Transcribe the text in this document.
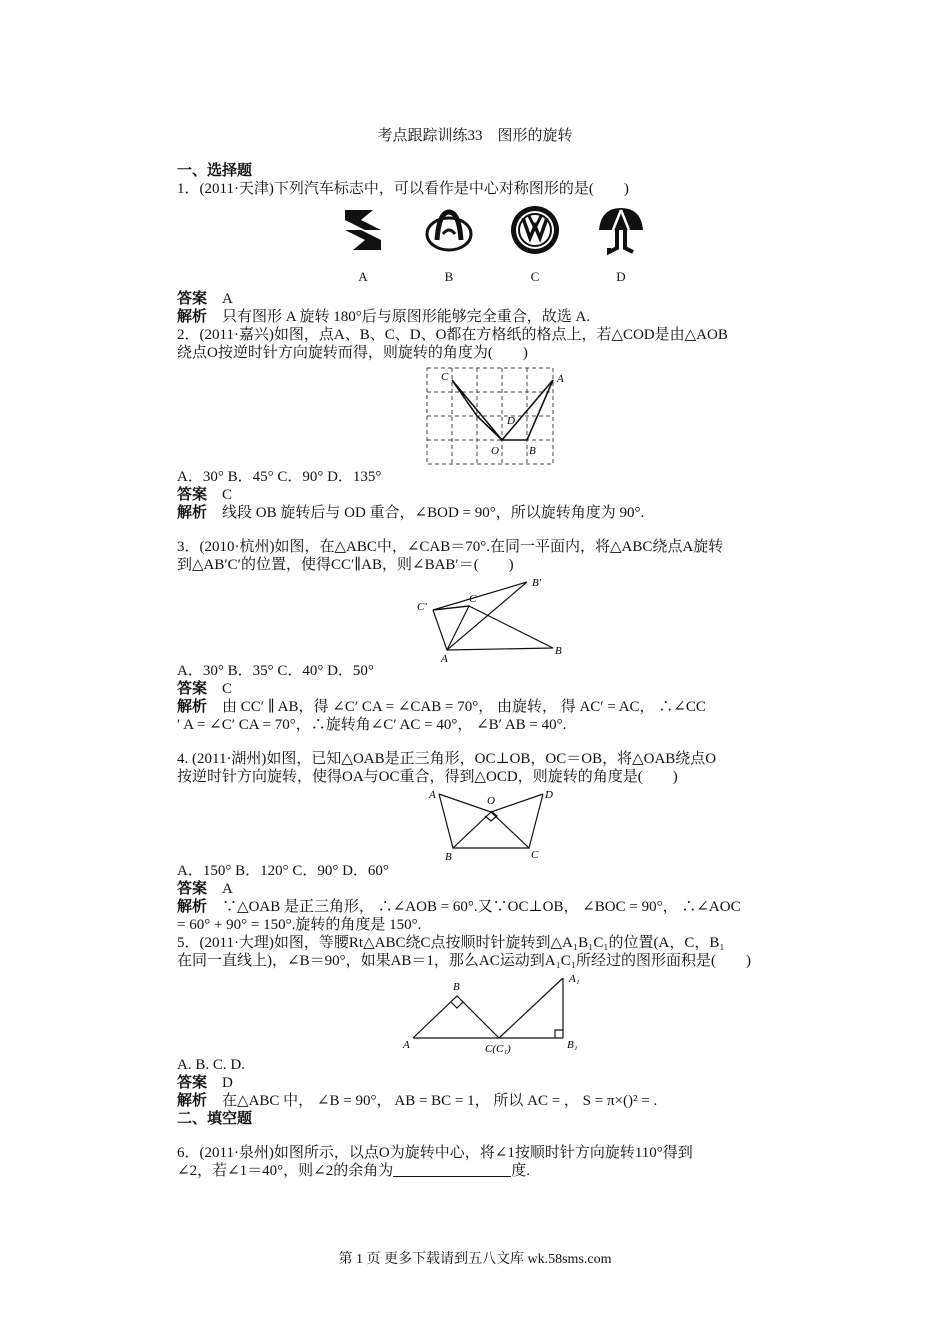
考点跟踪训练33　图形的旋转

一、选择题

1．(2011·天津)下列汽车标志中，可以看作是中心对称图形的是(　　)

A	B	C	D

答案　 A

解析　 只有图形 A 旋转 180°后与原图形能够完全重合，故选 A.

2．(2011·嘉兴)如图，点A、B、C、D、O都在方格纸的格点上，若△COD是由△AOB

绕点O按逆时针方向旋转而得，则旋转的角度为(　　)

C	A
D
O	B

A．30° B．45° C．90° D．135°

答案　 C

解析　 线段 OB 旋转后与 OD 重合，∠BOD = 90°，所以旋转角度为 90°.

3．(2010·杭州)如图，在△ABC中，∠CAB＝70°.在同一平面内，将△ABC绕点A旋转

到△AB′C′的位置，使得CC′∥AB，则∠BAB′＝(　　)

B′
C′
C
A
B

A．30° B．35° C．40° D．50°

答案　 C

解析　 由 CC′ ∥ AB，得 ∠C′ CA = ∠CAB = 70°， 由旋转， 得 AC′ = AC， ∴∠CC

′ A = ∠C′ CA = 70°，∴旋转角∠C′ AC = 40°， ∠B′ AB = 40°.

4. (2011·湖州)如图，已知△OAB是正三角形，OC⊥OB，OC＝OB，将△OAB绕点O

按逆时针方向旋转，使得OA与OC重合，得到△OCD，则旋转的角度是(　　)

A	O	D
B	C

A．150° B．120° C．90° D．60°

答案　 A

解析　 ∵△OAB 是正三角形， ∴∠AOB = 60°.又∵OC⊥OB， ∠BOC = 90°， ∴∠AOC

= 60° + 90° = 150°.旋转的角度是 150°.

5．(2011·大理)如图，等腰Rt△ABC绕C点按顺时针旋转到△A₁B₁C₁的位置(A，C，B₁

在同一直线上)，∠B＝90°，如果AB＝1，那么AC运动到A₁C₁所经过的图形面积是(　　)

B
A₁
A	C(C₁)	B₁

A. B. C. D.

答案　 D

解析　 在△ABC 中， ∠B = 90°， AB = BC = 1， 所以 AC = ， S = π×()² = .

二、填空题

6．(2011·泉州)如图所示，以点O为旋转中心，将∠1按顺时针方向旋转110°得到

∠2，若∠1＝40°，则∠2的余角为	度.

第 1 页 更多下载请到五八文库 wk.58sms.com
